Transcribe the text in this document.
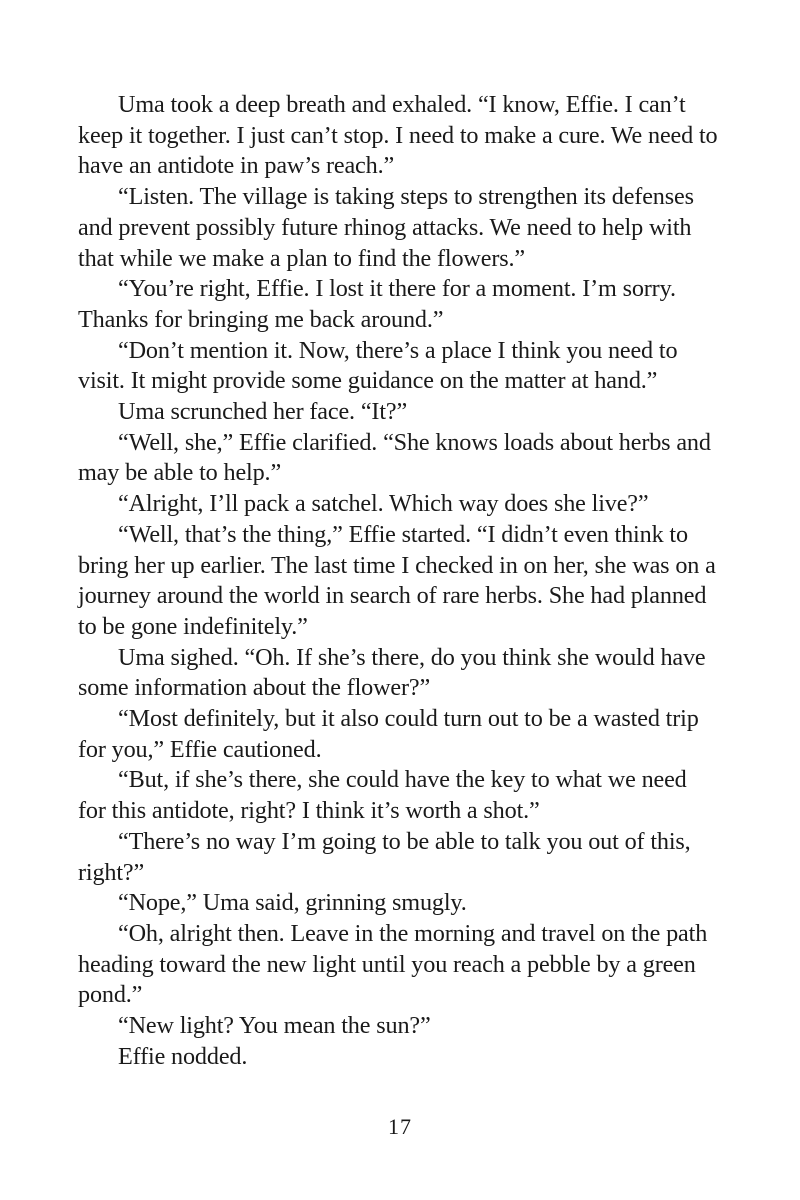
Uma took a deep breath and exhaled. “I know, Effie. I can’t keep it together. I just can’t stop. I need to make a cure. We need to have an antidote in paw’s reach.”

“Listen. The village is taking steps to strengthen its defenses and prevent possibly future rhinog attacks. We need to help with that while we make a plan to find the flowers.”

“You’re right, Effie. I lost it there for a moment. I’m sorry. Thanks for bringing me back around.”

“Don’t mention it. Now, there’s a place I think you need to visit. It might provide some guidance on the matter at hand.”

Uma scrunched her face. “It?”

“Well, she,” Effie clarified. “She knows loads about herbs and may be able to help.”

“Alright, I’ll pack a satchel. Which way does she live?”

“Well, that’s the thing,” Effie started. “I didn’t even think to bring her up earlier. The last time I checked in on her, she was on a journey around the world in search of rare herbs. She had planned to be gone indefinitely.”

Uma sighed. “Oh. If she’s there, do you think she would have some information about the flower?”

“Most definitely, but it also could turn out to be a wasted trip for you,” Effie cautioned.

“But, if she’s there, she could have the key to what we need for this antidote, right? I think it’s worth a shot.”

“There’s no way I’m going to be able to talk you out of this, right?”

“Nope,” Uma said, grinning smugly.

“Oh, alright then. Leave in the morning and travel on the path heading toward the new light until you reach a pebble by a green pond.”

“New light? You mean the sun?”

Effie nodded.

17
